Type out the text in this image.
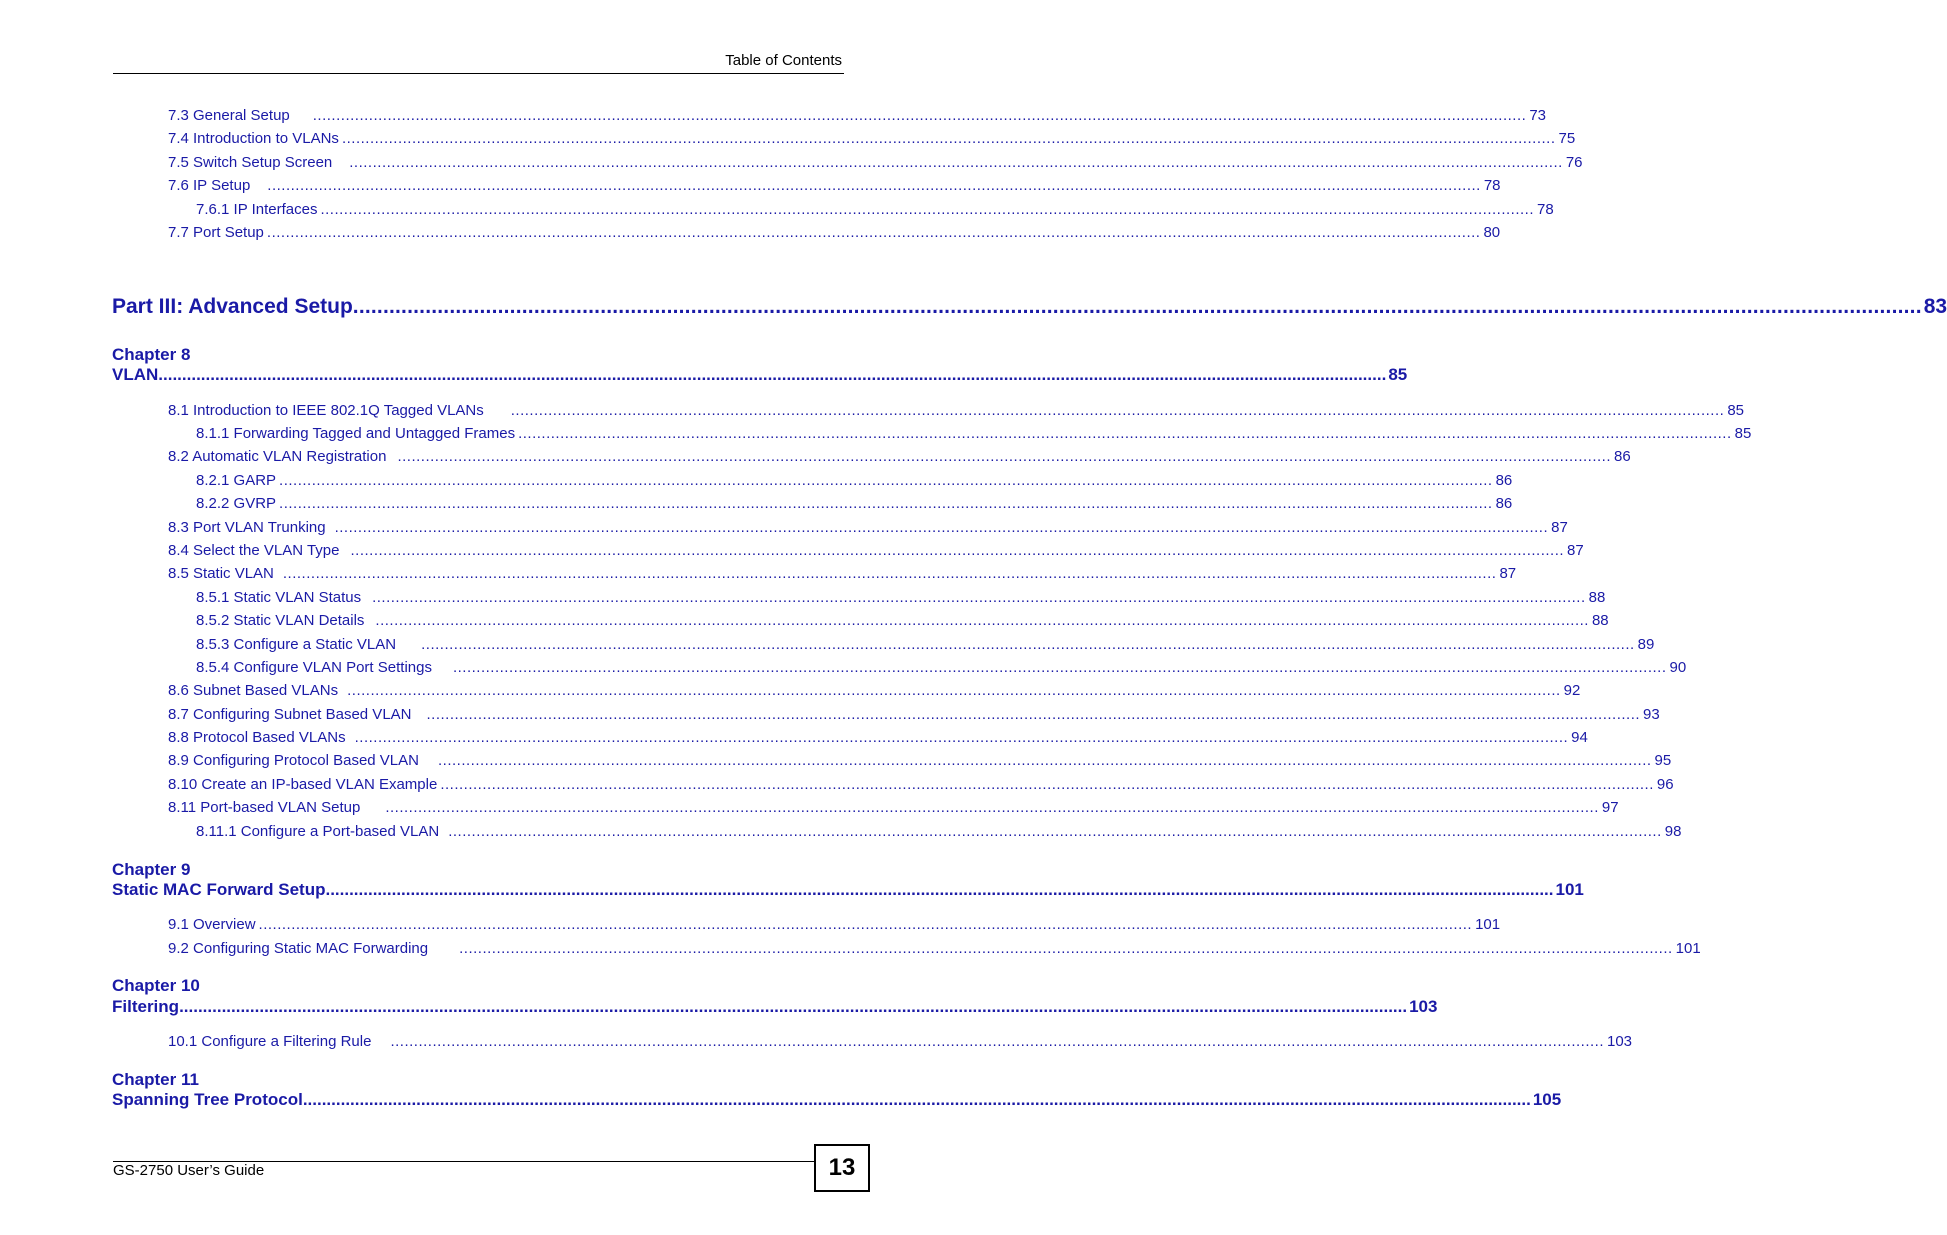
Table of Contents
7.3 General Setup .................................................................................................................................................................................................................................................................... 73
7.4 Introduction to VLANs .................................................................................................................................................................................................................................................................... 75
7.5 Switch Setup Screen .................................................................................................................................................................................................................................................................... 76
7.6 IP Setup .................................................................................................................................................................................................................................................................... 78
7.6.1 IP Interfaces .................................................................................................................................................................................................................................................................... 78
7.7 Port Setup .................................................................................................................................................................................................................................................................... 80
Part III: Advanced Setup .................................................................................................................................................................................................................................................................... 83
Chapter 8
VLAN .................................................................................................................................................................................................................................................................... 85
8.1 Introduction to IEEE 802.1Q Tagged VLANs .................................................................................................................................................................................................................................................................... 85
8.1.1 Forwarding Tagged and Untagged Frames .................................................................................................................................................................................................................................................................... 85
8.2 Automatic VLAN Registration .................................................................................................................................................................................................................................................................... 86
8.2.1 GARP .................................................................................................................................................................................................................................................................... 86
8.2.2 GVRP .................................................................................................................................................................................................................................................................... 86
8.3 Port VLAN Trunking .................................................................................................................................................................................................................................................................... 87
8.4 Select the VLAN Type .................................................................................................................................................................................................................................................................... 87
8.5 Static VLAN .................................................................................................................................................................................................................................................................... 87
8.5.1 Static VLAN Status .................................................................................................................................................................................................................................................................... 88
8.5.2 Static VLAN Details .................................................................................................................................................................................................................................................................... 88
8.5.3 Configure a Static VLAN .................................................................................................................................................................................................................................................................... 89
8.5.4 Configure VLAN Port Settings .................................................................................................................................................................................................................................................................... 90
8.6 Subnet Based VLANs .................................................................................................................................................................................................................................................................... 92
8.7 Configuring Subnet Based VLAN .................................................................................................................................................................................................................................................................... 93
8.8 Protocol Based VLANs .................................................................................................................................................................................................................................................................... 94
8.9 Configuring Protocol Based VLAN .................................................................................................................................................................................................................................................................... 95
8.10 Create an IP-based VLAN Example .................................................................................................................................................................................................................................................................... 96
8.11 Port-based VLAN Setup .................................................................................................................................................................................................................................................................... 97
8.11.1 Configure a Port-based VLAN .................................................................................................................................................................................................................................................................... 98
Chapter 9
Static MAC Forward Setup .................................................................................................................................................................................................................................................................... 101
9.1 Overview .................................................................................................................................................................................................................................................................... 101
9.2 Configuring Static MAC Forwarding .................................................................................................................................................................................................................................................................... 101
Chapter 10
Filtering .................................................................................................................................................................................................................................................................... 103
10.1 Configure a Filtering Rule .................................................................................................................................................................................................................................................................... 103
Chapter 11
Spanning Tree Protocol .................................................................................................................................................................................................................................................................... 105
GS-2750 User’s Guide	13
